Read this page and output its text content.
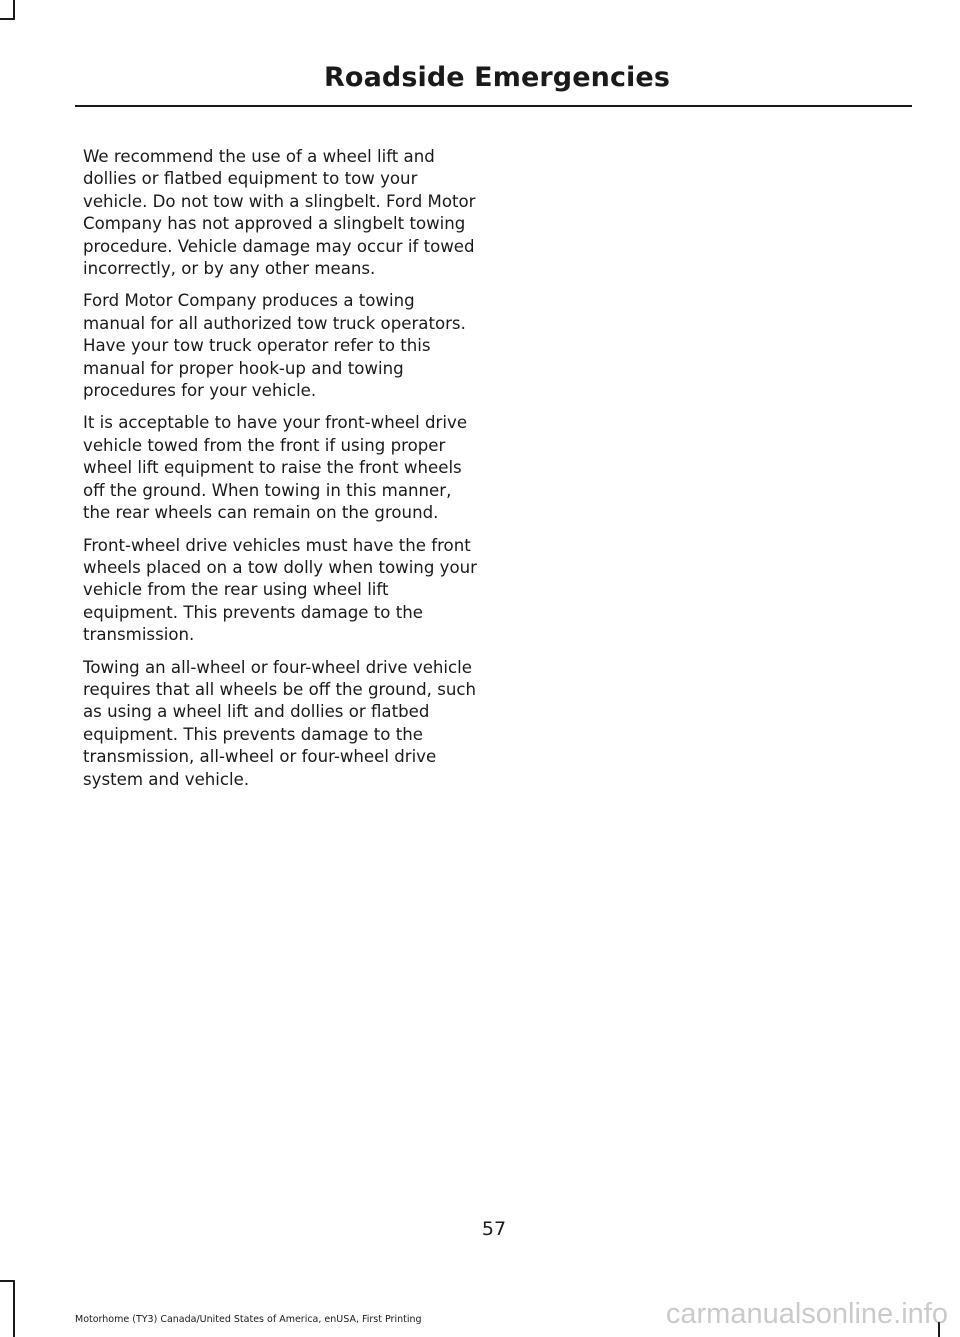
Roadside Emergencies

We recommend the use of a wheel lift and dollies or flatbed equipment to tow your vehicle. Do not tow with a slingbelt. Ford Motor Company has not approved a slingbelt towing procedure. Vehicle damage may occur if towed incorrectly, or by any other means.

Ford Motor Company produces a towing manual for all authorized tow truck operators. Have your tow truck operator refer to this manual for proper hook-up and towing procedures for your vehicle.

It is acceptable to have your front-wheel drive vehicle towed from the front if using proper wheel lift equipment to raise the front wheels off the ground. When towing in this manner, the rear wheels can remain on the ground.

Front-wheel drive vehicles must have the front wheels placed on a tow dolly when towing your vehicle from the rear using wheel lift equipment. This prevents damage to the transmission.

Towing an all-wheel or four-wheel drive vehicle requires that all wheels be off the ground, such as using a wheel lift and dollies or flatbed equipment. This prevents damage to the transmission, all-wheel or four-wheel drive system and vehicle.

57
Motorhome (TY3) Canada/United States of America, enUSA, First Printing	carmanualsonline.info
